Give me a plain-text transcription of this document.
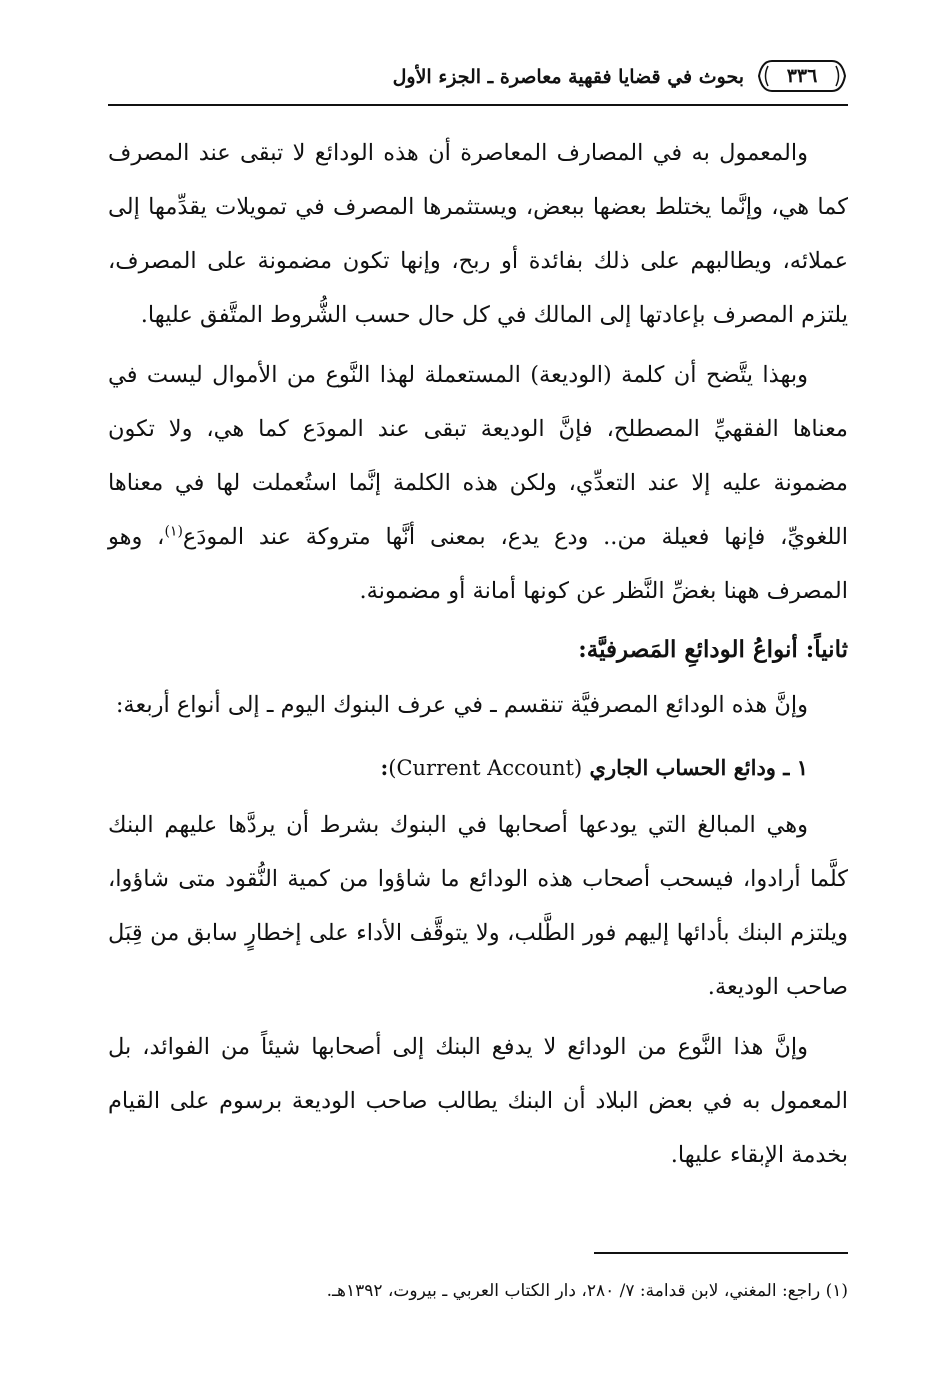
٣٣٦
بحوث في قضايا فقهية معاصرة ـ الجزء الأول

والمعمول به في المصارف المعاصرة أن هذه الودائع لا تبقى عند المصرف كما هي، وإنَّما يختلط بعضها ببعض، ويستثمرها المصرف في تمويلات يقدِّمها إلى عملائه، ويطالبهم على ذلك بفائدة أو ربح، وإنها تكون مضمونة على المصرف، يلتزم المصرف بإعادتها إلى المالك في كل حال حسب الشُّروط المتَّفق عليها.

وبهذا يتَّضح أن كلمة (الوديعة) المستعملة لهذا النَّوع من الأموال ليست في معناها الفقهيِّ المصطلح، فإنَّ الوديعة تبقى عند المودَع كما هي، ولا تكون مضمونة عليه إلا عند التعدِّي، ولكن هذه الكلمة إنَّما استُعملت لها في معناها اللغويِّ، فإنها فعيلة من.. ودع يدع، بمعنى أنَّها متروكة عند المودَع$^{(١)}$، وهو المصرف ههنا بغضِّ النَّظر عن كونها أمانة أو مضمونة.

ثانياً: أنواعُ الودائعِ المَصرفيَّة:

وإنَّ هذه الودائع المصرفيَّة تنقسم ـ في عرف البنوك اليوم ـ إلى أنواع أربعة:

١ ـ ودائع الحساب الجاري (Current Account):

وهي المبالغ التي يودعها أصحابها في البنوك بشرط أن يردَّها عليهم البنك كلَّما أرادوا، فيسحب أصحاب هذه الودائع ما شاؤوا من كمية النُّقود متى شاؤوا، ويلتزم البنك بأدائها إليهم فور الطَّلب، ولا يتوقَّف الأداء على إخطارٍ سابق من قِبَل صاحب الوديعة.

وإنَّ هذا النَّوع من الودائع لا يدفع البنك إلى أصحابها شيئاً من الفوائد، بل المعمول به في بعض البلاد أن البنك يطالب صاحب الوديعة برسوم على القيام بخدمة الإبقاء عليها.

(١) راجع: المغني، لابن قدامة: ٧/ ٢٨٠، دار الكتاب العربي ـ بيروت، ١٣٩٢هـ.
